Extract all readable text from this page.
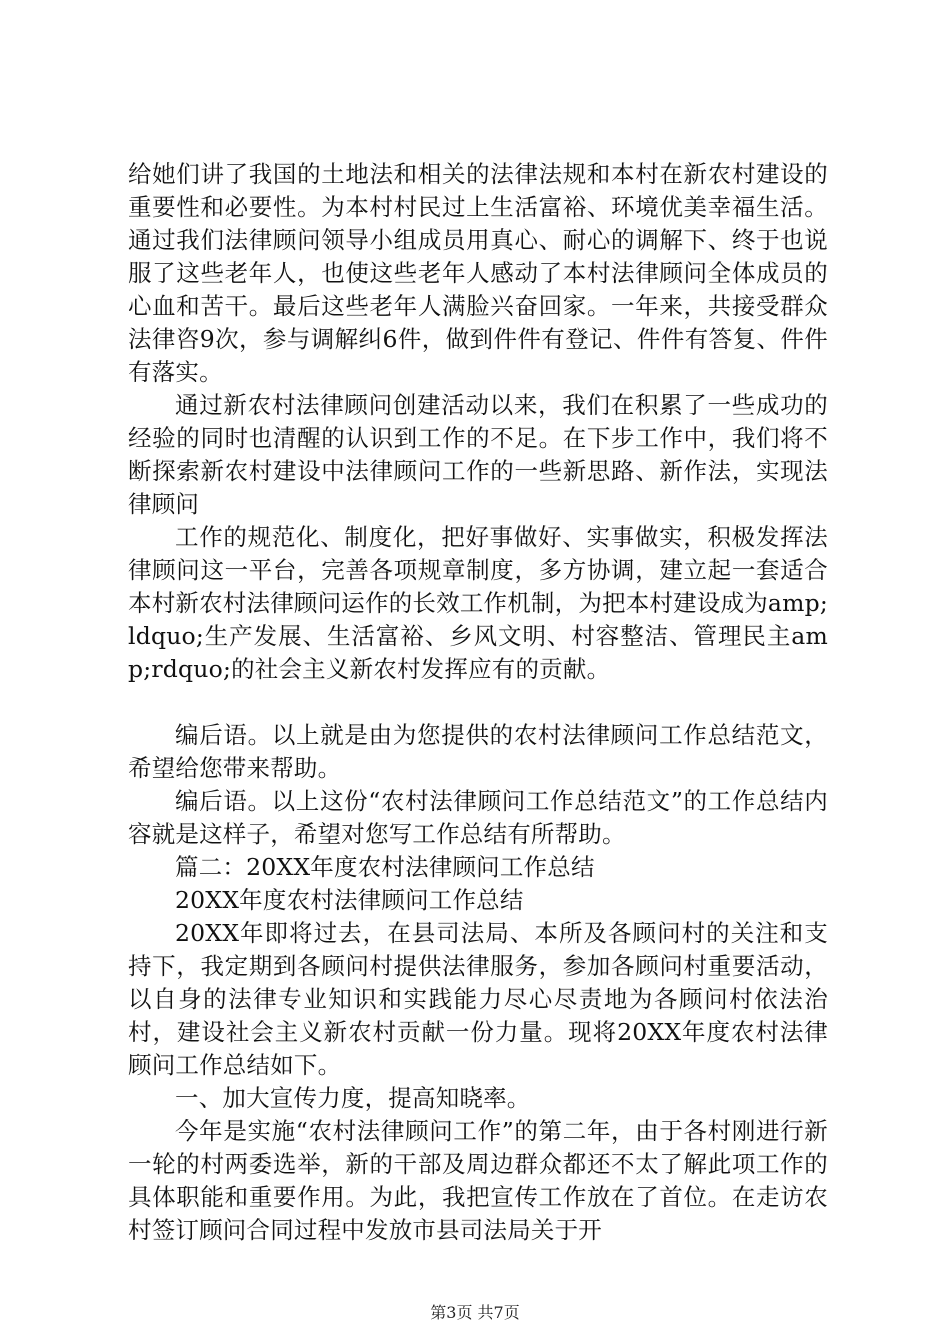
给她们讲了我国的土地法和相关的法律法规和本村在新农村建设的重要性和必要性。为本村村民过上生活富裕、环境优美幸福生活。通过我们法律顾问领导小组成员用真心、耐心的调解下、终于也说服了这些老年人，也使这些老年人感动了本村法律顾问全体成员的心血和苦干。最后这些老年人满脸兴奋回家。一年来，共接受群众法律咨9次，参与调解纠6件，做到件件有登记、件件有答复、件件有落实。

通过新农村法律顾问创建活动以来，我们在积累了一些成功的经验的同时也清醒的认识到工作的不足。在下步工作中，我们将不断探索新农村建设中法律顾问工作的一些新思路、新作法，实现法律顾问

工作的规范化、制度化，把好事做好、实事做实，积极发挥法律顾问这一平台，完善各项规章制度，多方协调，建立起一套适合本村新农村法律顾问运作的长效工作机制，为把本村建设成为amp;ldquo;生产发展、生活富裕、乡风文明、村容整洁、管理民主amp;rdquo;的社会主义新农村发挥应有的贡献。

编后语。以上就是由为您提供的农村法律顾问工作总结范文，希望给您带来帮助。

编后语。以上这份“农村法律顾问工作总结范文”的工作总结内容就是这样子，希望对您写工作总结有所帮助。

篇二：20XX年度农村法律顾问工作总结

20XX年度农村法律顾问工作总结

20XX年即将过去，在县司法局、本所及各顾问村的关注和支持下，我定期到各顾问村提供法律服务，参加各顾问村重要活动，以自身的法律专业知识和实践能力尽心尽责地为各顾问村依法治村，建设社会主义新农村贡献一份力量。现将20XX年度农村法律顾问工作总结如下。

一、加大宣传力度，提高知晓率。

今年是实施“农村法律顾问工作”的第二年，由于各村刚进行新一轮的村两委选举，新的干部及周边群众都还不太了解此项工作的具体职能和重要作用。为此，我把宣传工作放在了首位。在走访农村签订顾问合同过程中发放市县司法局关于开

第3页 共7页
